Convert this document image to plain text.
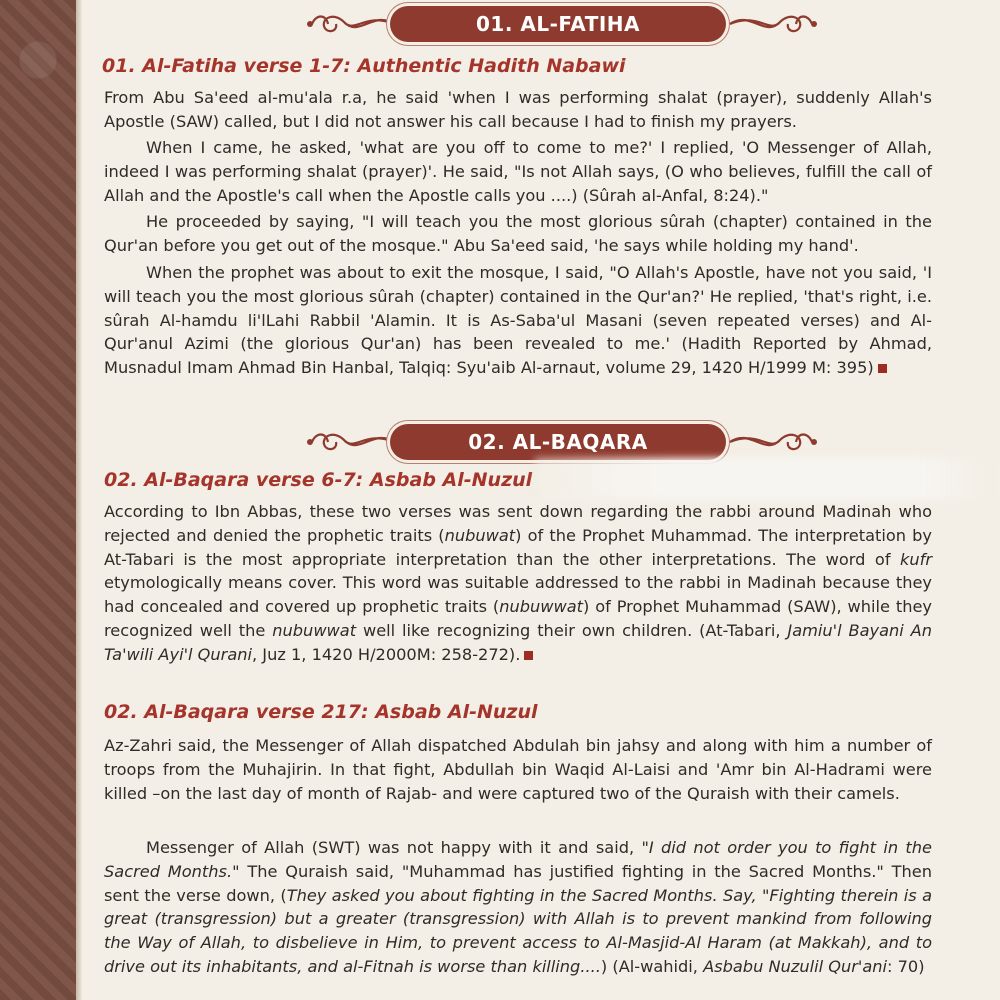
01. AL-FATIHA
01. Al-Fatiha verse 1-7: Authentic Hadith Nabawi

From Abu Sa'eed al-mu'ala r.a, he said 'when I was performing shalat (prayer), suddenly Allah's Apostle (SAW) called, but I did not answer his call because I had to finish my prayers.

When I came, he asked, 'what are you off to come to me?' I replied, 'O Messenger of Allah, indeed I was performing shalat (prayer)'. He said, "Is not Allah says, (O who believes, fulfill the call of Allah and the Apostle's call when the Apostle calls you ....) (Sûrah al-Anfal, 8:24)."

He proceeded by saying, "I will teach you the most glorious sûrah (chapter) contained in the Qur'an before you get out of the mosque." Abu Sa'eed said, 'he says while holding my hand'.

When the prophet was about to exit the mosque, I said, "O Allah's Apostle, have not you said, 'I will teach you the most glorious sûrah (chapter) contained in the Qur'an?' He replied, 'that's right, i.e. sûrah Al-hamdu li'lLahi Rabbil 'Alamin. It is As-Saba'ul Masani (seven repeated verses) and Al-Qur'anul Azimi (the glorious Qur'an) has been revealed to me.' (Hadith Reported by Ahmad, Musnadul Imam Ahmad Bin Hanbal, Talqiq: Syu'aib Al-arnaut, volume 29, 1420 H/1999 M: 395)

02. AL-BAQARA
02. Al-Baqara verse 6-7: Asbab Al-Nuzul

According to Ibn Abbas, these two verses was sent down regarding the rabbi around Madinah who rejected and denied the prophetic traits (nubuwat) of the Prophet Muhammad. The interpretation by At-Tabari is the most appropriate interpretation than the other interpretations. The word of kufr etymologically means cover. This word was suitable addressed to the rabbi in Madinah because they had concealed and covered up prophetic traits (nubuwwat) of Prophet Muhammad (SAW), while they recognized well the nubuwwat well like recognizing their own children. (At-Tabari, Jamiu'l Bayani An Ta'wili Ayi'l Qurani, Juz 1, 1420 H/2000M: 258-272).

02. Al-Baqara verse 217: Asbab Al-Nuzul

Az-Zahri said, the Messenger of Allah dispatched Abdulah bin jahsy and along with him a number of troops from the Muhajirin. In that fight, Abdullah bin Waqid Al-Laisi and 'Amr bin Al-Hadrami were killed –on the last day of month of Rajab- and were captured two of the Quraish with their camels.

Messenger of Allah (SWT) was not happy with it and said, "I did not order you to fight in the Sacred Months." The Quraish said, "Muhammad has justified fighting in the Sacred Months." Then sent the verse down, (They asked you about fighting in the Sacred Months. Say, "Fighting therein is a great (transgression) but a greater (transgression) with Allah is to prevent mankind from following the Way of Allah, to disbelieve in Him, to prevent access to Al-Masjid-Al Haram (at Makkah), and to drive out its inhabitants, and al-Fitnah is worse than killing....) (Al-wahidi, Asbabu Nuzulil Qur'ani: 70)
